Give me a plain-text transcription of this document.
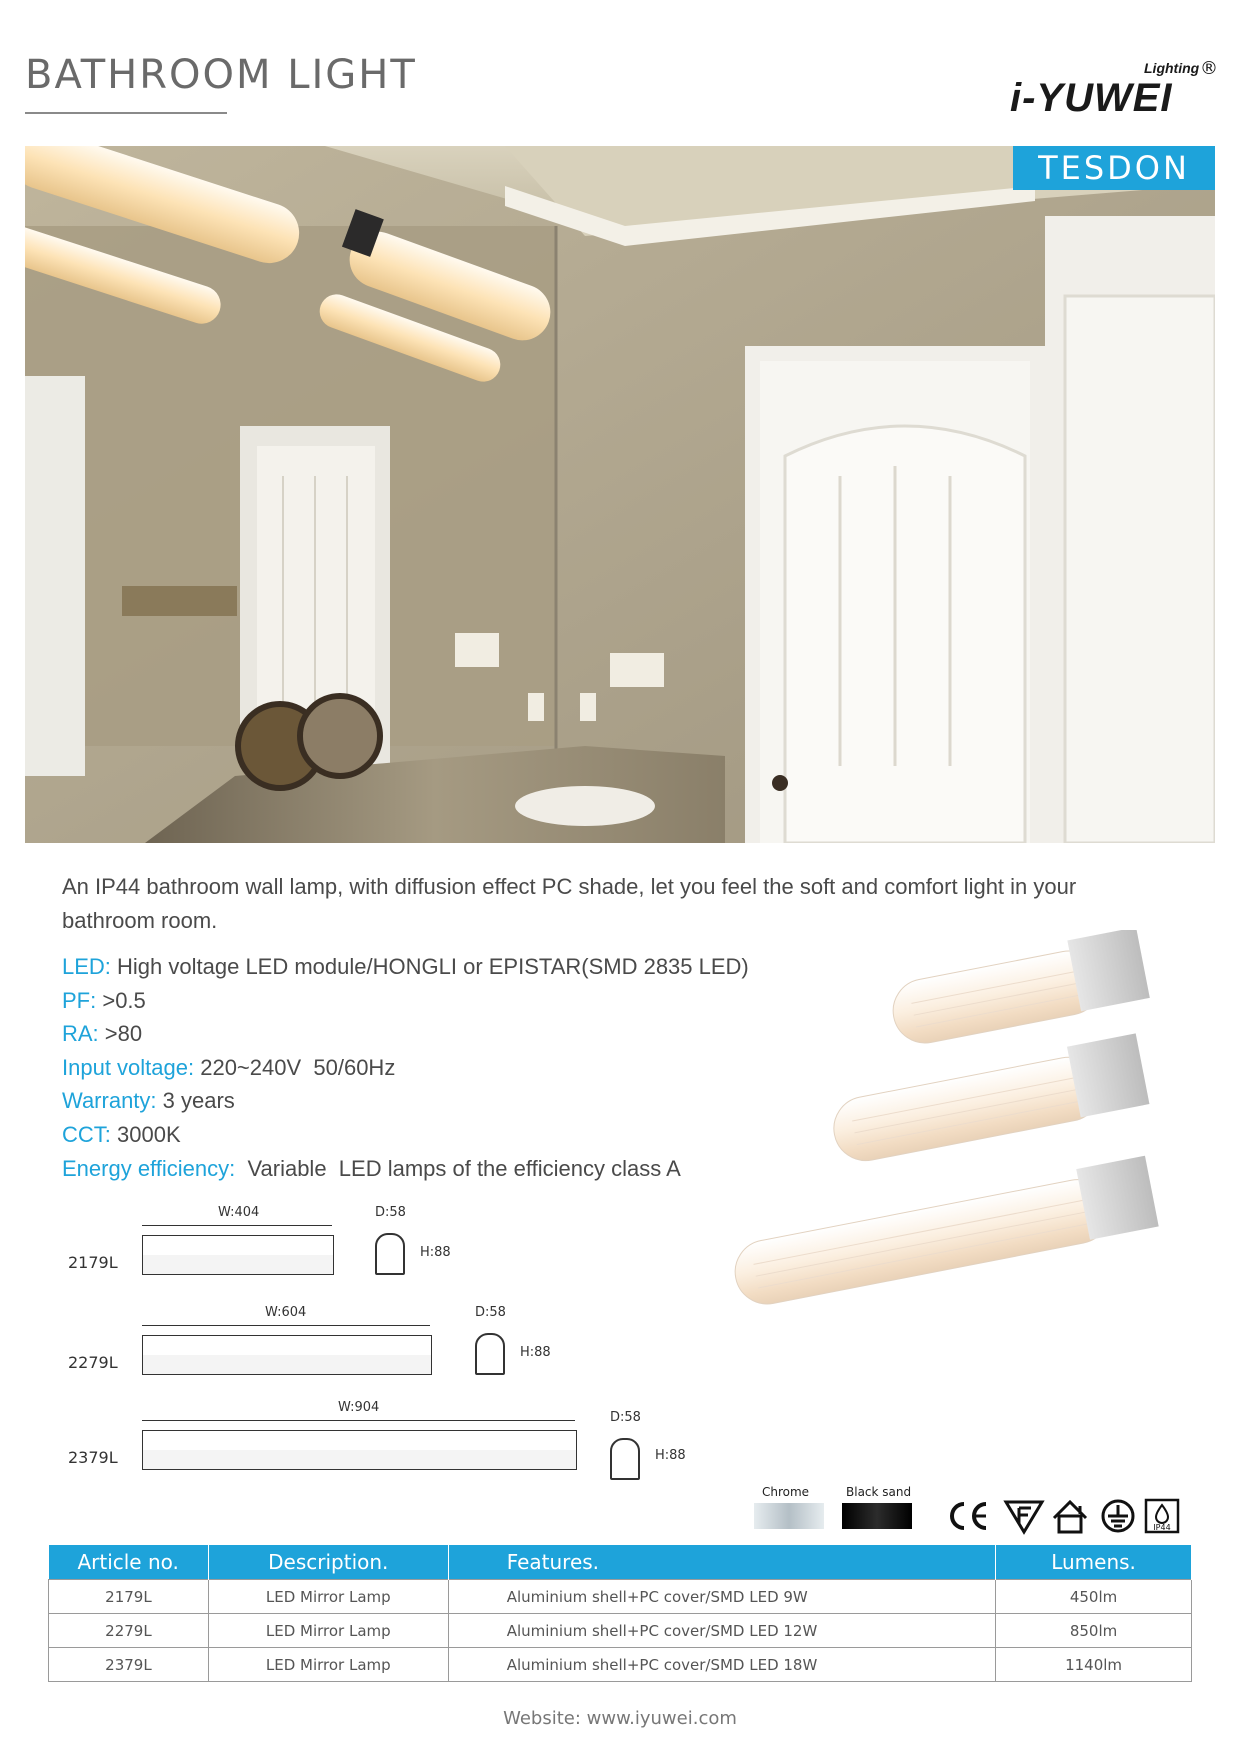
BATHROOM LIGHT	i-YUWEI
Lighting ®
TESDON
An IP44 bathroom wall lamp, with diffusion effect PC shade, let you feel the soft and comfort light in your bathroom room.
LED: High voltage LED module/HONGLI or EPISTAR(SMD 2835 LED)
PF: >0.5
RA: >80
Input voltage: 220~240V  50/60Hz
Warranty: 3 years
CCT: 3000K
Energy efficiency:  Variable  LED lamps of the efficiency class A
2179L
W:404	D:58
H:88
2279L
W:604	D:58
H:88
2379L
W:904
D:58
H:88
Chrome	Black sand
IP44
Article no.	Description.	Features.	Lumens.
2179L	LED Mirror Lamp	Aluminium shell+PC cover/SMD LED 9W	450lm
2279L	LED Mirror Lamp	Aluminium shell+PC cover/SMD LED 12W	850lm
2379L	LED Mirror Lamp	Aluminium shell+PC cover/SMD LED 18W	1140lm
Website: www.iyuwei.com
